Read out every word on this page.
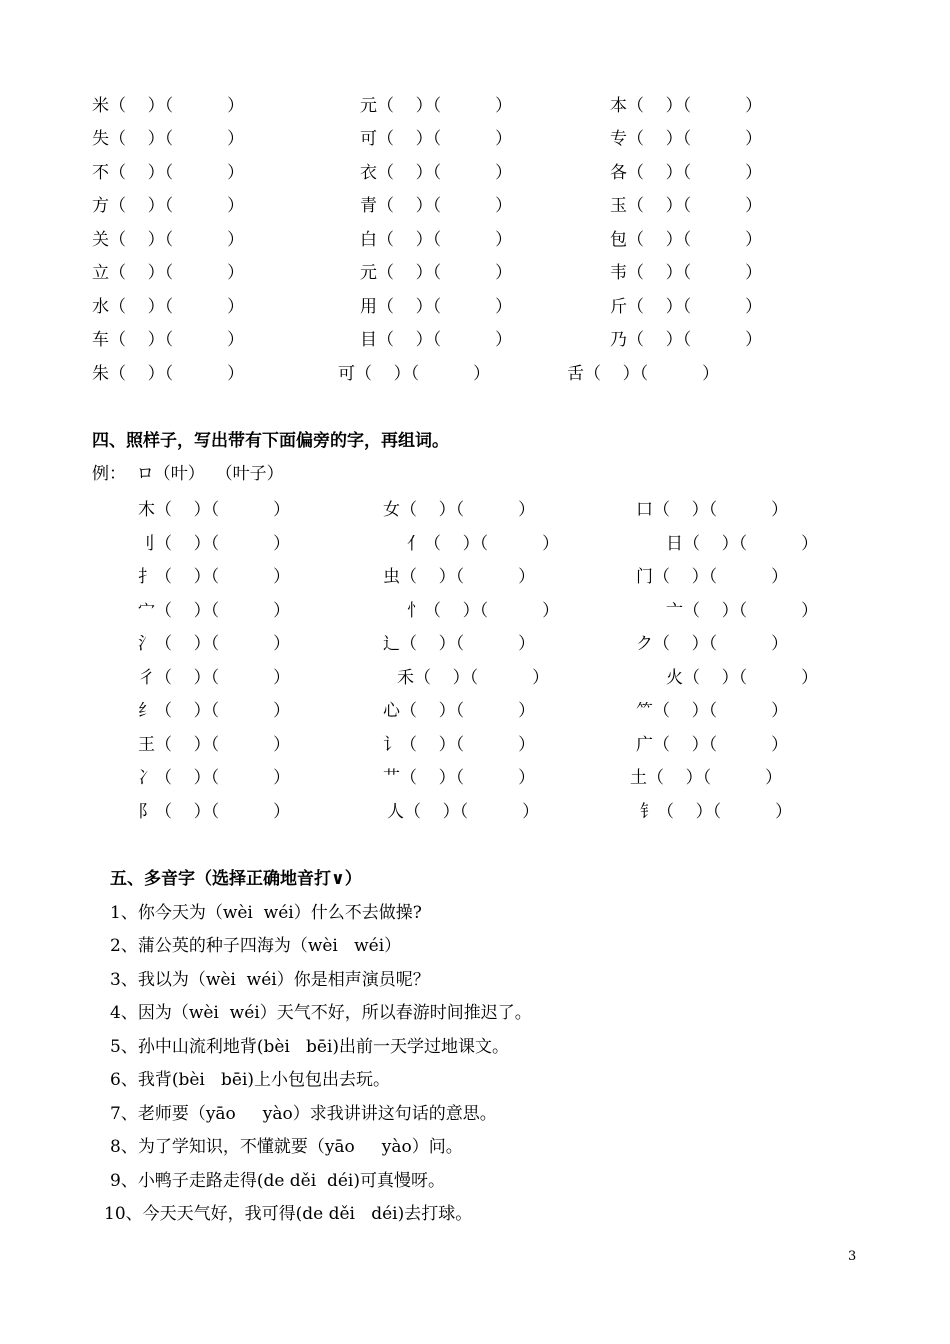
米（    ）（          ）	元（    ）（          ）	本（    ）（          ）
失（    ）（          ）	可（    ）（          ）	专（    ）（          ）
不（    ）（          ）	衣（    ）（          ）	各（    ）（          ）
方（    ）（          ）	青（    ）（          ）	玉（    ）（          ）
关（    ）（          ）	白（    ）（          ）	包（    ）（          ）
立（    ）（          ）	元（    ）（          ）	韦（    ）（          ）
水（    ）（          ）	用（    ）（          ）	斤（    ）（          ）
车（    ）（          ）	目（    ）（          ）	乃（    ）（          ）
朱（    ）（          ）	可（    ）（          ）	舌（    ）（          ）
四、照样子，写出带有下面偏旁的字，再组词。
例：  ロ（叶）  （叶子）
木（    ）（          ）	女（    ）（          ）	口（    ）（          ）
刂（    ）（          ）	亻（    ）（          ）	日（    ）（          ）
扌（    ）（          ）	虫（    ）（          ）	门（    ）（          ）
宀（    ）（          ）	忄（    ）（          ）	亠（    ）（          ）
氵（    ）（          ）	辶（    ）（          ）	ク（    ）（          ）
彳（    ）（          ）	禾（    ）（          ）	火（    ）（          ）
纟（    ）（          ）	心（    ）（          ）	⺮（    ）（          ）
王（    ）（          ）	讠（    ）（          ）	广（    ）（          ）
冫（    ）（          ）	艹（    ）（          ）	土（    ）（          ）
阝（    ）（          ）	人（    ）（          ）	钅（    ）（          ）
五、多音字（选择正确地音打∨）
1、你今天为（wèi  wéi）什么不去做操?
2、蒲公英的种子四海为（wèi   wéi）
3、我以为（wèi  wéi）你是相声演员呢？
4、因为（wèi  wéi）天气不好，所以春游时间推迟了。
5、孙中山流利地背(bèi   bēi)出前一天学过地课文。
6、我背(bèi   bēi)上小包包出去玩。
7、老师要（yāo     yào）求我讲讲这句话的意思。
8、为了学知识，不懂就要（yāo     yào）问。
9、小鸭子走路走得(de děi  déi)可真慢呀。
10、今天天气好，我可得(de děi   déi)去打球。
3
